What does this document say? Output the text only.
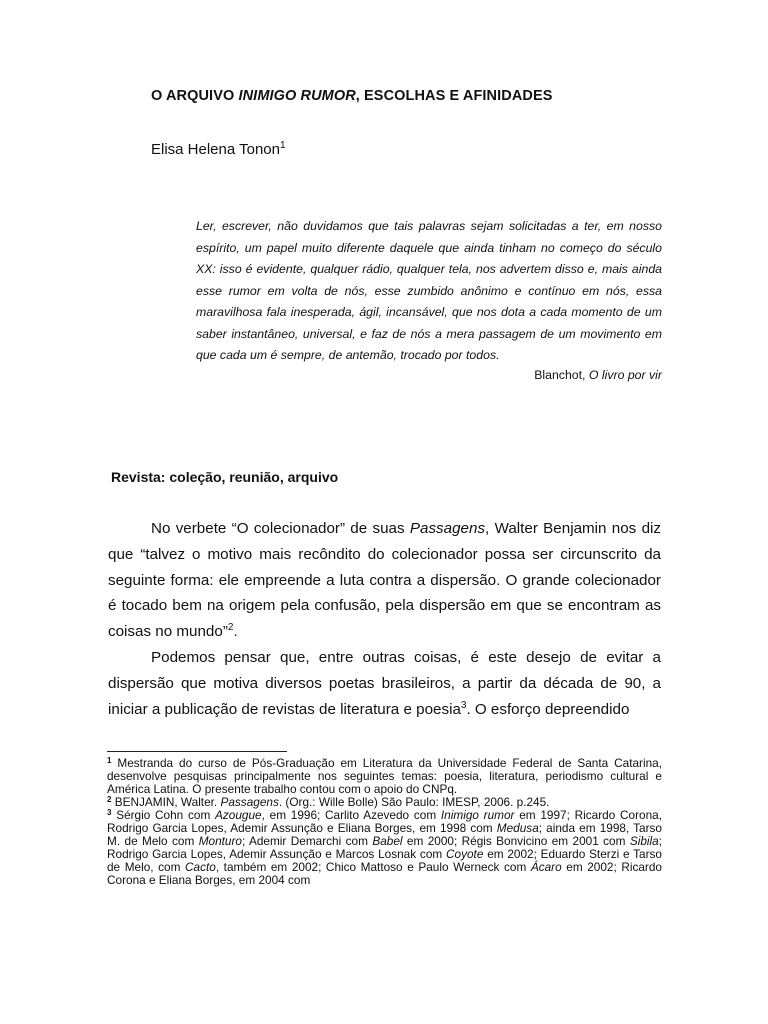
O ARQUIVO INIMIGO RUMOR, ESCOLHAS E AFINIDADES
Elisa Helena Tonon$^1$
Ler, escrever, não duvidamos que tais palavras sejam solicitadas a ter, em nosso espírito, um papel muito diferente daquele que ainda tinham no começo do século XX: isso é evidente, qualquer rádio, qualquer tela, nos advertem disso e, mais ainda esse rumor em volta de nós, esse zumbido anônimo e contínuo em nós, essa maravilhosa fala inesperada, ágil, incansável, que nos dota a cada momento de um saber instantâneo, universal, e faz de nós a mera passagem de um movimento em que cada um é sempre, de antemão, trocado por todos.
Blanchot, O livro por vir
Revista: coleção, reunião, arquivo

No verbete “O colecionador” de suas Passagens, Walter Benjamin nos diz que “talvez o motivo mais recôndito do colecionador possa ser circunscrito da seguinte forma: ele empreende a luta contra a dispersão. O grande colecionador é tocado bem na origem pela confusão, pela dispersão em que se encontram as coisas no mundo”$^2$.

Podemos pensar que, entre outras coisas, é este desejo de evitar a dispersão que motiva diversos poetas brasileiros, a partir da década de 90, a iniciar a publicação de revistas de literatura e poesia$^3$. O esforço depreendido

$^1$ Mestranda do curso de Pós-Graduação em Literatura da Universidade Federal de Santa Catarina, desenvolve pesquisas principalmente nos seguintes temas: poesia, literatura, periodismo cultural e América Latina. O presente trabalho contou com o apoio do CNPq.

$^2$ BENJAMIN, Walter. Passagens. (Org.: Wille Bolle) São Paulo: IMESP, 2006. p.245.

$^3$ Sérgio Cohn com Azougue, em 1996; Carlito Azevedo com Inimigo rumor em 1997; Ricardo Corona, Rodrigo Garcia Lopes, Ademir Assunção e Eliana Borges, em 1998 com Medusa; ainda em 1998, Tarso M. de Melo com Monturo; Ademir Demarchi com Babel em 2000; Régis Bonvicino em 2001 com Sibila; Rodrigo Garcia Lopes, Ademir Assunção e Marcos Losnak com Coyote em 2002; Eduardo Sterzi e Tarso de Melo, com Cacto, também em 2002; Chico Mattoso e Paulo Werneck com Ácaro em 2002; Ricardo Corona e Eliana Borges, em 2004 com
